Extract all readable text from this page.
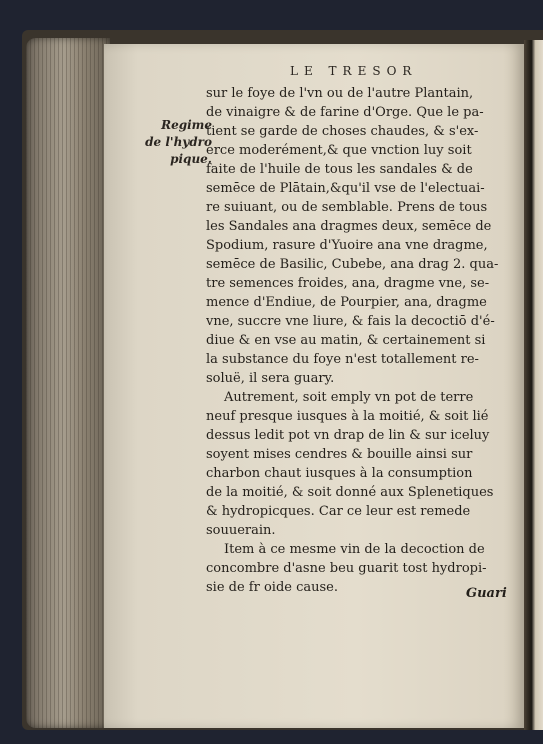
LE TRESOR
Regime
de l'hydro
pique.
sur le foye de l'vn ou de l'autre Plantain,
de vinaigre & de farine d'Orge. Que le pa-
tient se garde de choses chaudes, & s'ex-
erce moderément,& que vnction luy soit
faite de l'huile de tous les sandales & de
semēce de Plātain,&qu'il vse de l'electuai-
re suiuant, ou de semblable. Prens de tous
les Sandales ana dragmes deux, semēce de
Spodium, rasure d'Yuoire ana vne dragme,
semēce de Basilic, Cubebe, ana drag 2. qua-
tre semences froides, ana, dragme vne, se-
mence d'Endiue, de Pourpier, ana, dragme
vne, succre vne liure, & fais la decoctiō d'é-
diue & en vse au matin, & certainement si
la substance du foye n'est totallement re-
soluë, il sera guary.
Autrement, soit emply vn pot de terre
neuf presque iusques à la moitié, & soit lié
dessus ledit pot vn drap de lin & sur iceluy
soyent mises cendres & bouille ainsi sur
charbon chaut iusques à la consumption
de la moitié, & soit donné aux Splenetiques
& hydropicques. Car ce leur est remede
souuerain.
Item à ce mesme vin de la decoction de
concombre d'asne beu guarit tost hydropi-
sie de fr oide cause.	Guari
